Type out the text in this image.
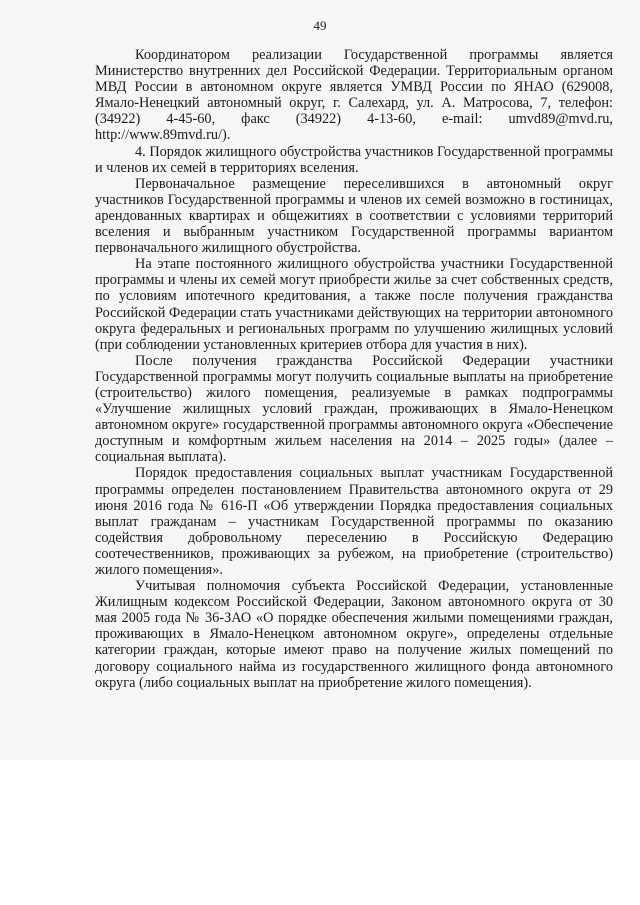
49

Координатором реализации Государственной программы является Министерство внутренних дел Российской Федерации. Территориальным органом МВД России в автономном округе является УМВД России по ЯНАО (629008, Ямало-Ненецкий автономный округ, г. Салехард, ул. А. Матросова, 7, телефон: (34922) 4-45-60, факс (34922) 4-13-60, e-mail: umvd89@mvd.ru, http://www.89mvd.ru/).

4. Порядок жилищного обустройства участников Государственной программы и членов их семей в территориях вселения.

Первоначальное размещение переселившихся в автономный округ участников Государственной программы и членов их семей возможно в гостиницах, арендованных квартирах и общежитиях в соответствии с условиями территорий вселения и выбранным участником Государственной программы вариантом первоначального жилищного обустройства.

На этапе постоянного жилищного обустройства участники Государственной программы и члены их семей могут приобрести жилье за счет собственных средств, по условиям ипотечного кредитования, а также после получения гражданства Российской Федерации стать участниками действующих на территории автономного округа федеральных и региональных программ по улучшению жилищных условий (при соблюдении установленных критериев отбора для участия в них).

После получения гражданства Российской Федерации участники Государственной программы могут получить социальные выплаты на приобретение (строительство) жилого помещения, реализуемые в рамках подпрограммы «Улучшение жилищных условий граждан, проживающих в Ямало-Ненецком автономном округе» государственной программы автономного округа «Обеспечение доступным и комфортным жильем населения на 2014 – 2025 годы» (далее – социальная выплата).

Порядок предоставления социальных выплат участникам Государственной программы определен постановлением Правительства автономного округа от 29 июня 2016 года № 616-П «Об утверждении Порядка предоставления социальных выплат гражданам – участникам Государственной программы по оказанию содействия добровольному переселению в Российскую Федерацию соотечественников, проживающих за рубежом, на приобретение (строительство) жилого помещения».

Учитывая полномочия субъекта Российской Федерации, установленные Жилищным кодексом Российской Федерации, Законом автономного округа от 30 мая 2005 года № 36-ЗАО «О порядке обеспечения жилыми помещениями граждан, проживающих в Ямало-Ненецком автономном округе», определены отдельные категории граждан, которые имеют право на получение жилых помещений по договору социального найма из государственного жилищного фонда автономного округа (либо социальных выплат на приобретение жилого помещения).
